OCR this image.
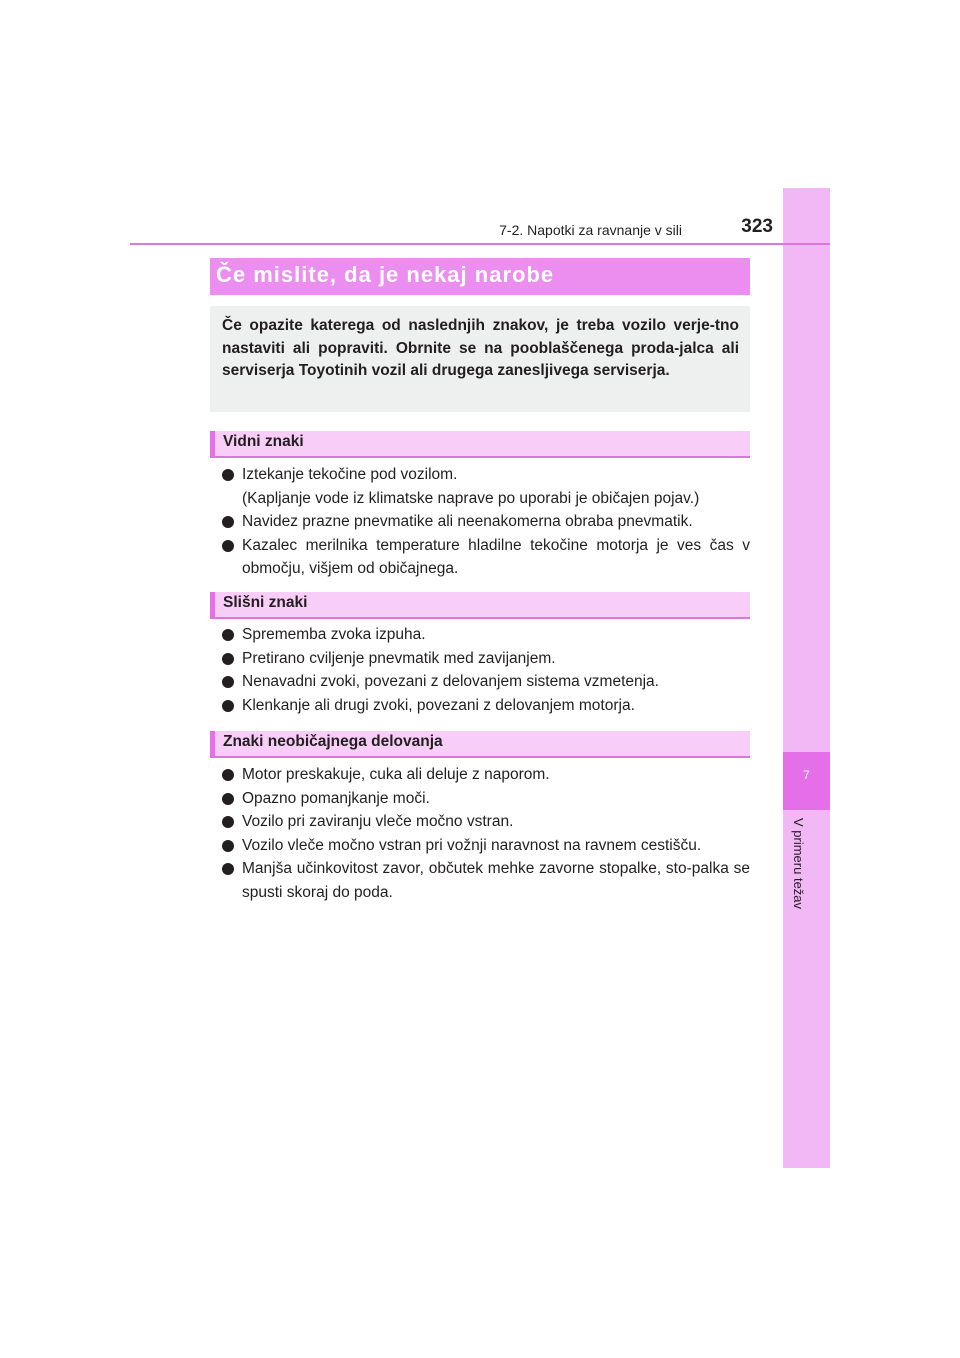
7
V primeru težav
7-2. Napotki za ravnanje v sili	323
Če mislite, da je nekaj narobe
Če opazite katerega od naslednjih znakov, je treba vozilo verje-tno nastaviti ali popraviti. Obrnite se na pooblaščenega proda-jalca ali serviserja Toyotinih vozil ali drugega zanesljivega serviserja.
Vidni znaki
Iztekanje tekočine pod vozilom.
(Kapljanje vode iz klimatske naprave po uporabi je običajen pojav.)
Navidez prazne pnevmatike ali neenakomerna obraba pnevmatik.
Kazalec merilnika temperature hladilne tekočine motorja je ves čas v območju, višjem od običajnega.
Slišni znaki
Sprememba zvoka izpuha.
Pretirano cviljenje pnevmatik med zavijanjem.
Nenavadni zvoki, povezani z delovanjem sistema vzmetenja.
Klenkanje ali drugi zvoki, povezani z delovanjem motorja.
Znaki neobičajnega delovanja
Motor preskakuje, cuka ali deluje z naporom.
Opazno pomanjkanje moči.
Vozilo pri zaviranju vleče močno vstran.
Vozilo vleče močno vstran pri vožnji naravnost na ravnem cestišču.
Manjša učinkovitost zavor, občutek mehke zavorne stopalke, sto-palka se spusti skoraj do poda.
